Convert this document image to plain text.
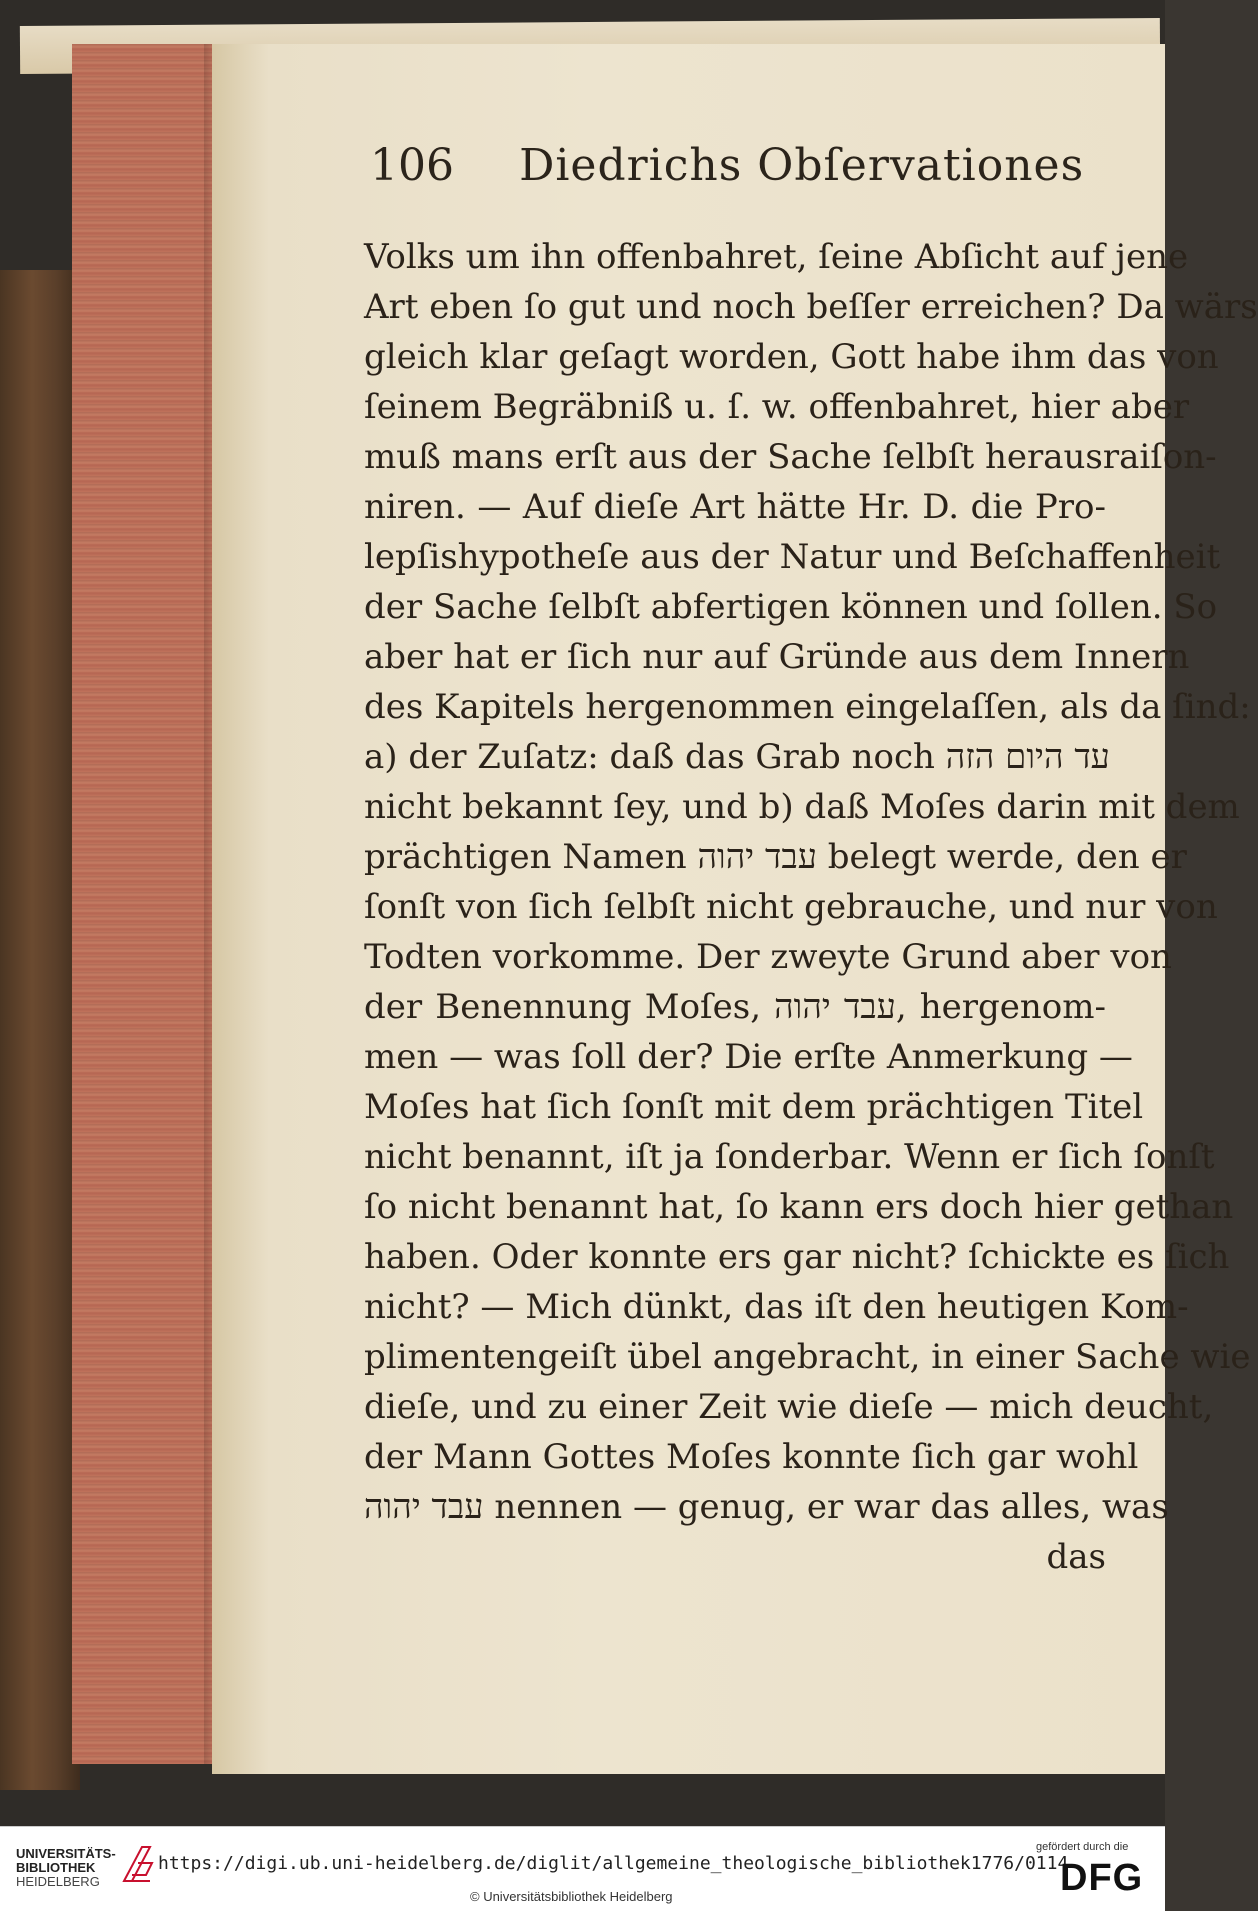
106 Diedrichs Obſervationes
Volks um ihn offenbahret, ſeine Abſicht auf jene
Art eben ſo gut und noch beſſer erreichen? Da wärs
gleich klar geſagt worden, Gott habe ihm das von
ſeinem Begräbniß u. ſ. w. offenbahret, hier aber
muß mans erſt aus der Sache ſelbſt herausraiſon-
niren. — Auf dieſe Art hätte Hr. D. die Pro-
lepſishypotheſe aus der Natur und Beſchaffenheit
der Sache ſelbſt abfertigen können und ſollen. So
aber hat er ſich nur auf Gründe aus dem Innern
des Kapitels hergenommen eingelaſſen, als da ſind:
a) der Zuſatz: daß das Grab noch עד היום הזה
nicht bekannt ſey, und b) daß Moſes darin mit dem
prächtigen Namen עבד יהוה belegt werde, den er
ſonſt von ſich ſelbſt nicht gebrauche, und nur von
Todten vorkomme. Der zweyte Grund aber von
der Benennung Moſes, עבד יהוה, hergenom-
men — was ſoll der? Die erſte Anmerkung —
Moſes hat ſich ſonſt mit dem prächtigen Titel
nicht benannt, iſt ja ſonderbar. Wenn er ſich ſonſt
ſo nicht benannt hat, ſo kann ers doch hier gethan
haben. Oder konnte ers gar nicht? ſchickte es ſich
nicht? — Mich dünkt, das iſt den heutigen Kom-
plimentengeiſt übel angebracht, in einer Sache wie
dieſe, und zu einer Zeit wie dieſe — mich deucht,
der Mann Gottes Moſes konnte ſich gar wohl
עבד יהוה nennen — genug, er war das alles, was
das
UNIVERSITÄTS-
BIBLIOTHEK
HEIDELBERG
https://digi.ub.uni-heidelberg.de/diglit/allgemeine_theologische_bibliothek1776/0114
© Universitätsbibliothek Heidelberg
gefördert durch die
DFG
